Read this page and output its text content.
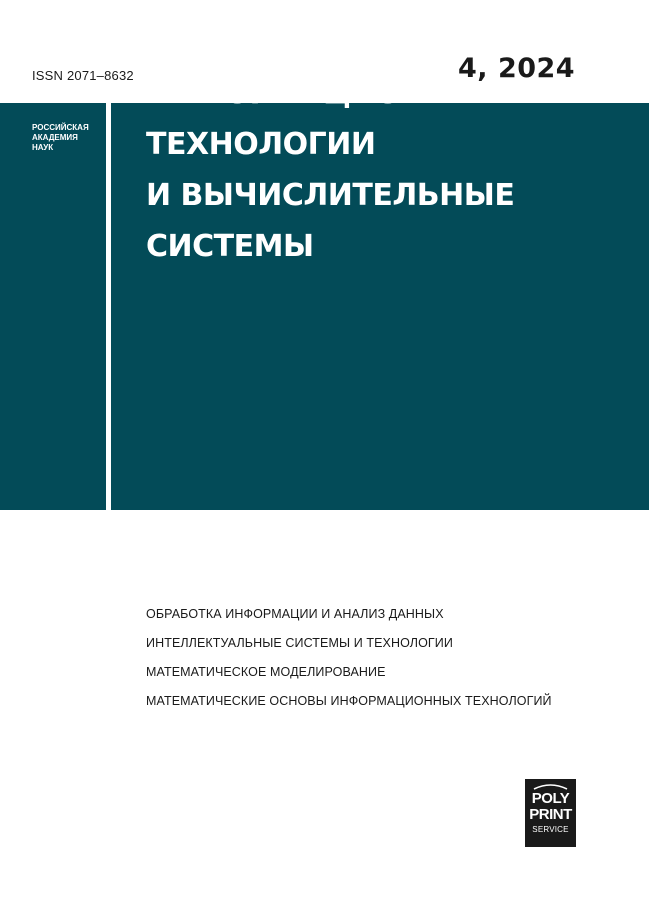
ISSN 2071–8632	4, 2024
РОССИЙСКАЯ
АКАДЕМИЯ
НАУК
ИНФОРМАЦИОННЫЕ
ТЕХНОЛОГИИ
И ВЫЧИСЛИТЕЛЬНЫЕ
СИСТЕМЫ
ОБРАБОТКА ИНФОРМАЦИИ И АНАЛИЗ ДАННЫХ
ИНТЕЛЛЕКТУАЛЬНЫЕ СИСТЕМЫ И ТЕХНОЛОГИИ
МАТЕМАТИЧЕСКОЕ МОДЕЛИРОВАНИЕ
МАТЕМАТИЧЕСКИЕ ОСНОВЫ ИНФОРМАЦИОННЫХ ТЕХНОЛОГИЙ
POLY
PRINT
SERVICE
